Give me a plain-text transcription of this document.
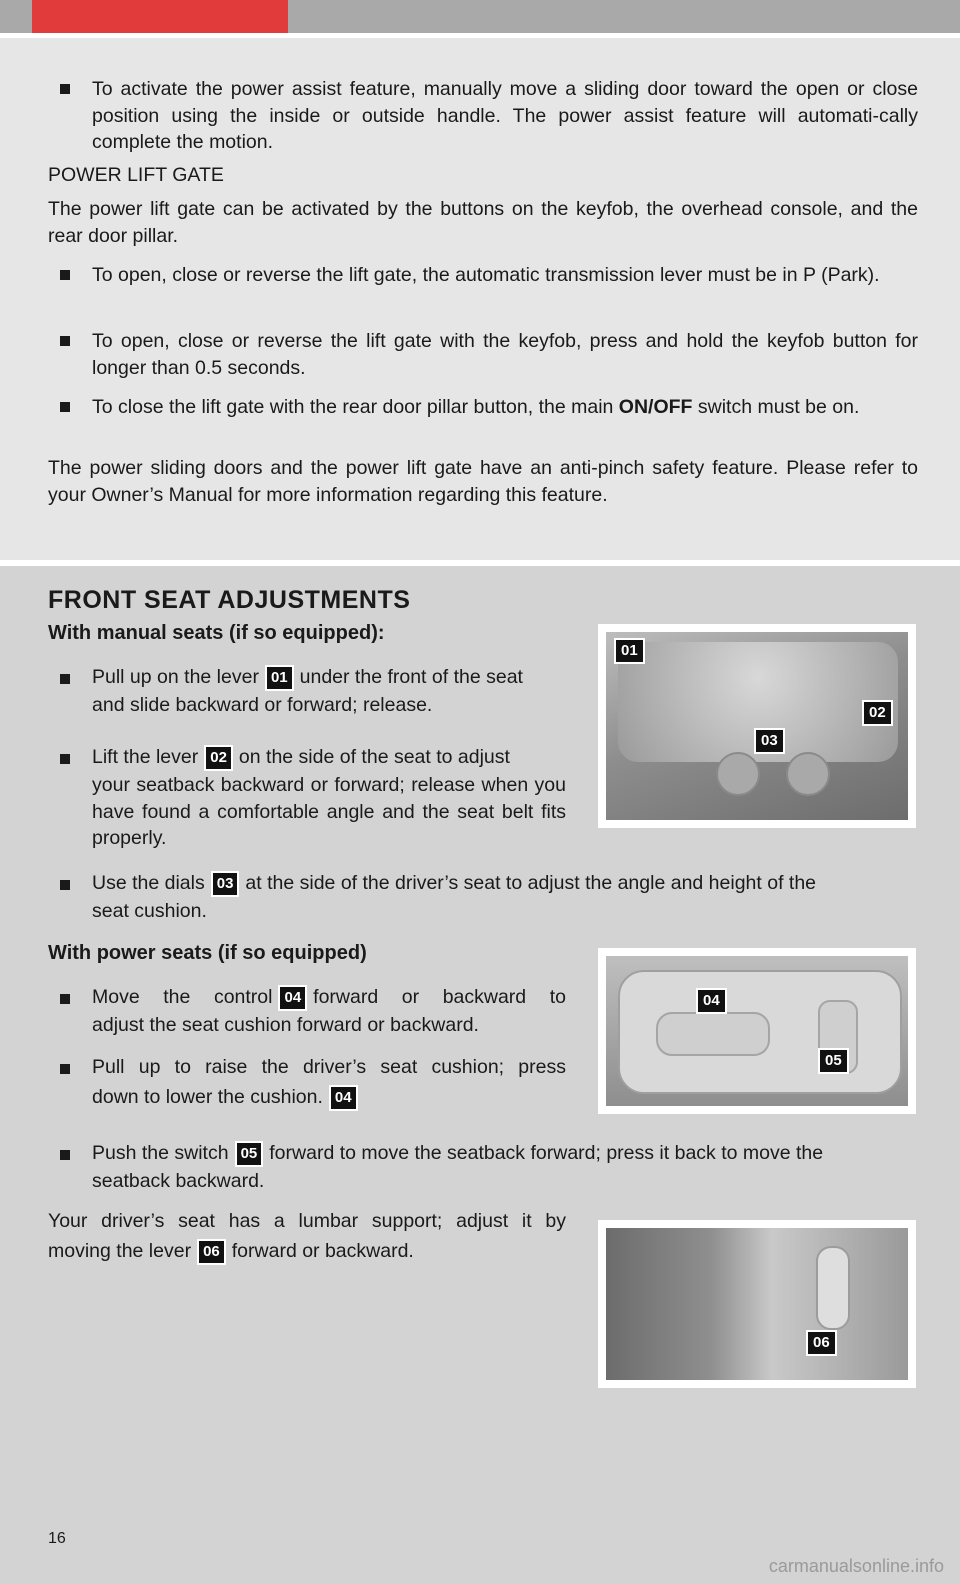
To activate the power assist feature, manually move a sliding door toward the open or close position using the inside or outside handle. The power assist feature will automati-cally complete the motion.

POWER LIFT GATE

The power lift gate can be activated by the buttons on the keyfob, the overhead console, and the rear door pillar.

To open, close or reverse the lift gate, the automatic transmission lever must be in P (Park).

To open, close or reverse the lift gate with the keyfob, press and hold the keyfob button for longer than 0.5 seconds.

To close the lift gate with the rear door pillar button, the main ON/OFF switch must be on.

The power sliding doors and the power lift gate have an anti-pinch safety feature. Please refer to your Owner’s Manual for more information regarding this feature.

FRONT SEAT ADJUSTMENTS
With manual seats (if so equipped):

Pull up on the lever 01 under the front of the seat

and slide backward or forward; release.

Lift the lever 02 on the side of the seat to adjust

your seatback backward or forward; release when you have found a comfortable angle and the seat belt fits properly.

Use the dials 03 at the side of the driver’s seat to adjust the angle and height of the

seat cushion.

With power seats (if so equipped)

Move the control 04 forward or backward to

adjust the seat cushion forward or backward.

Pull up to raise the driver’s seat cushion; press

down to lower the cushion. 04

Push the switch 05 forward to move the seatback forward; press it back to move the

seatback backward.

Your driver’s seat has a lumbar support; adjust it by

moving the lever 06 forward or backward.

01
02
03
04
05
06
16
carmanualsonline.info
